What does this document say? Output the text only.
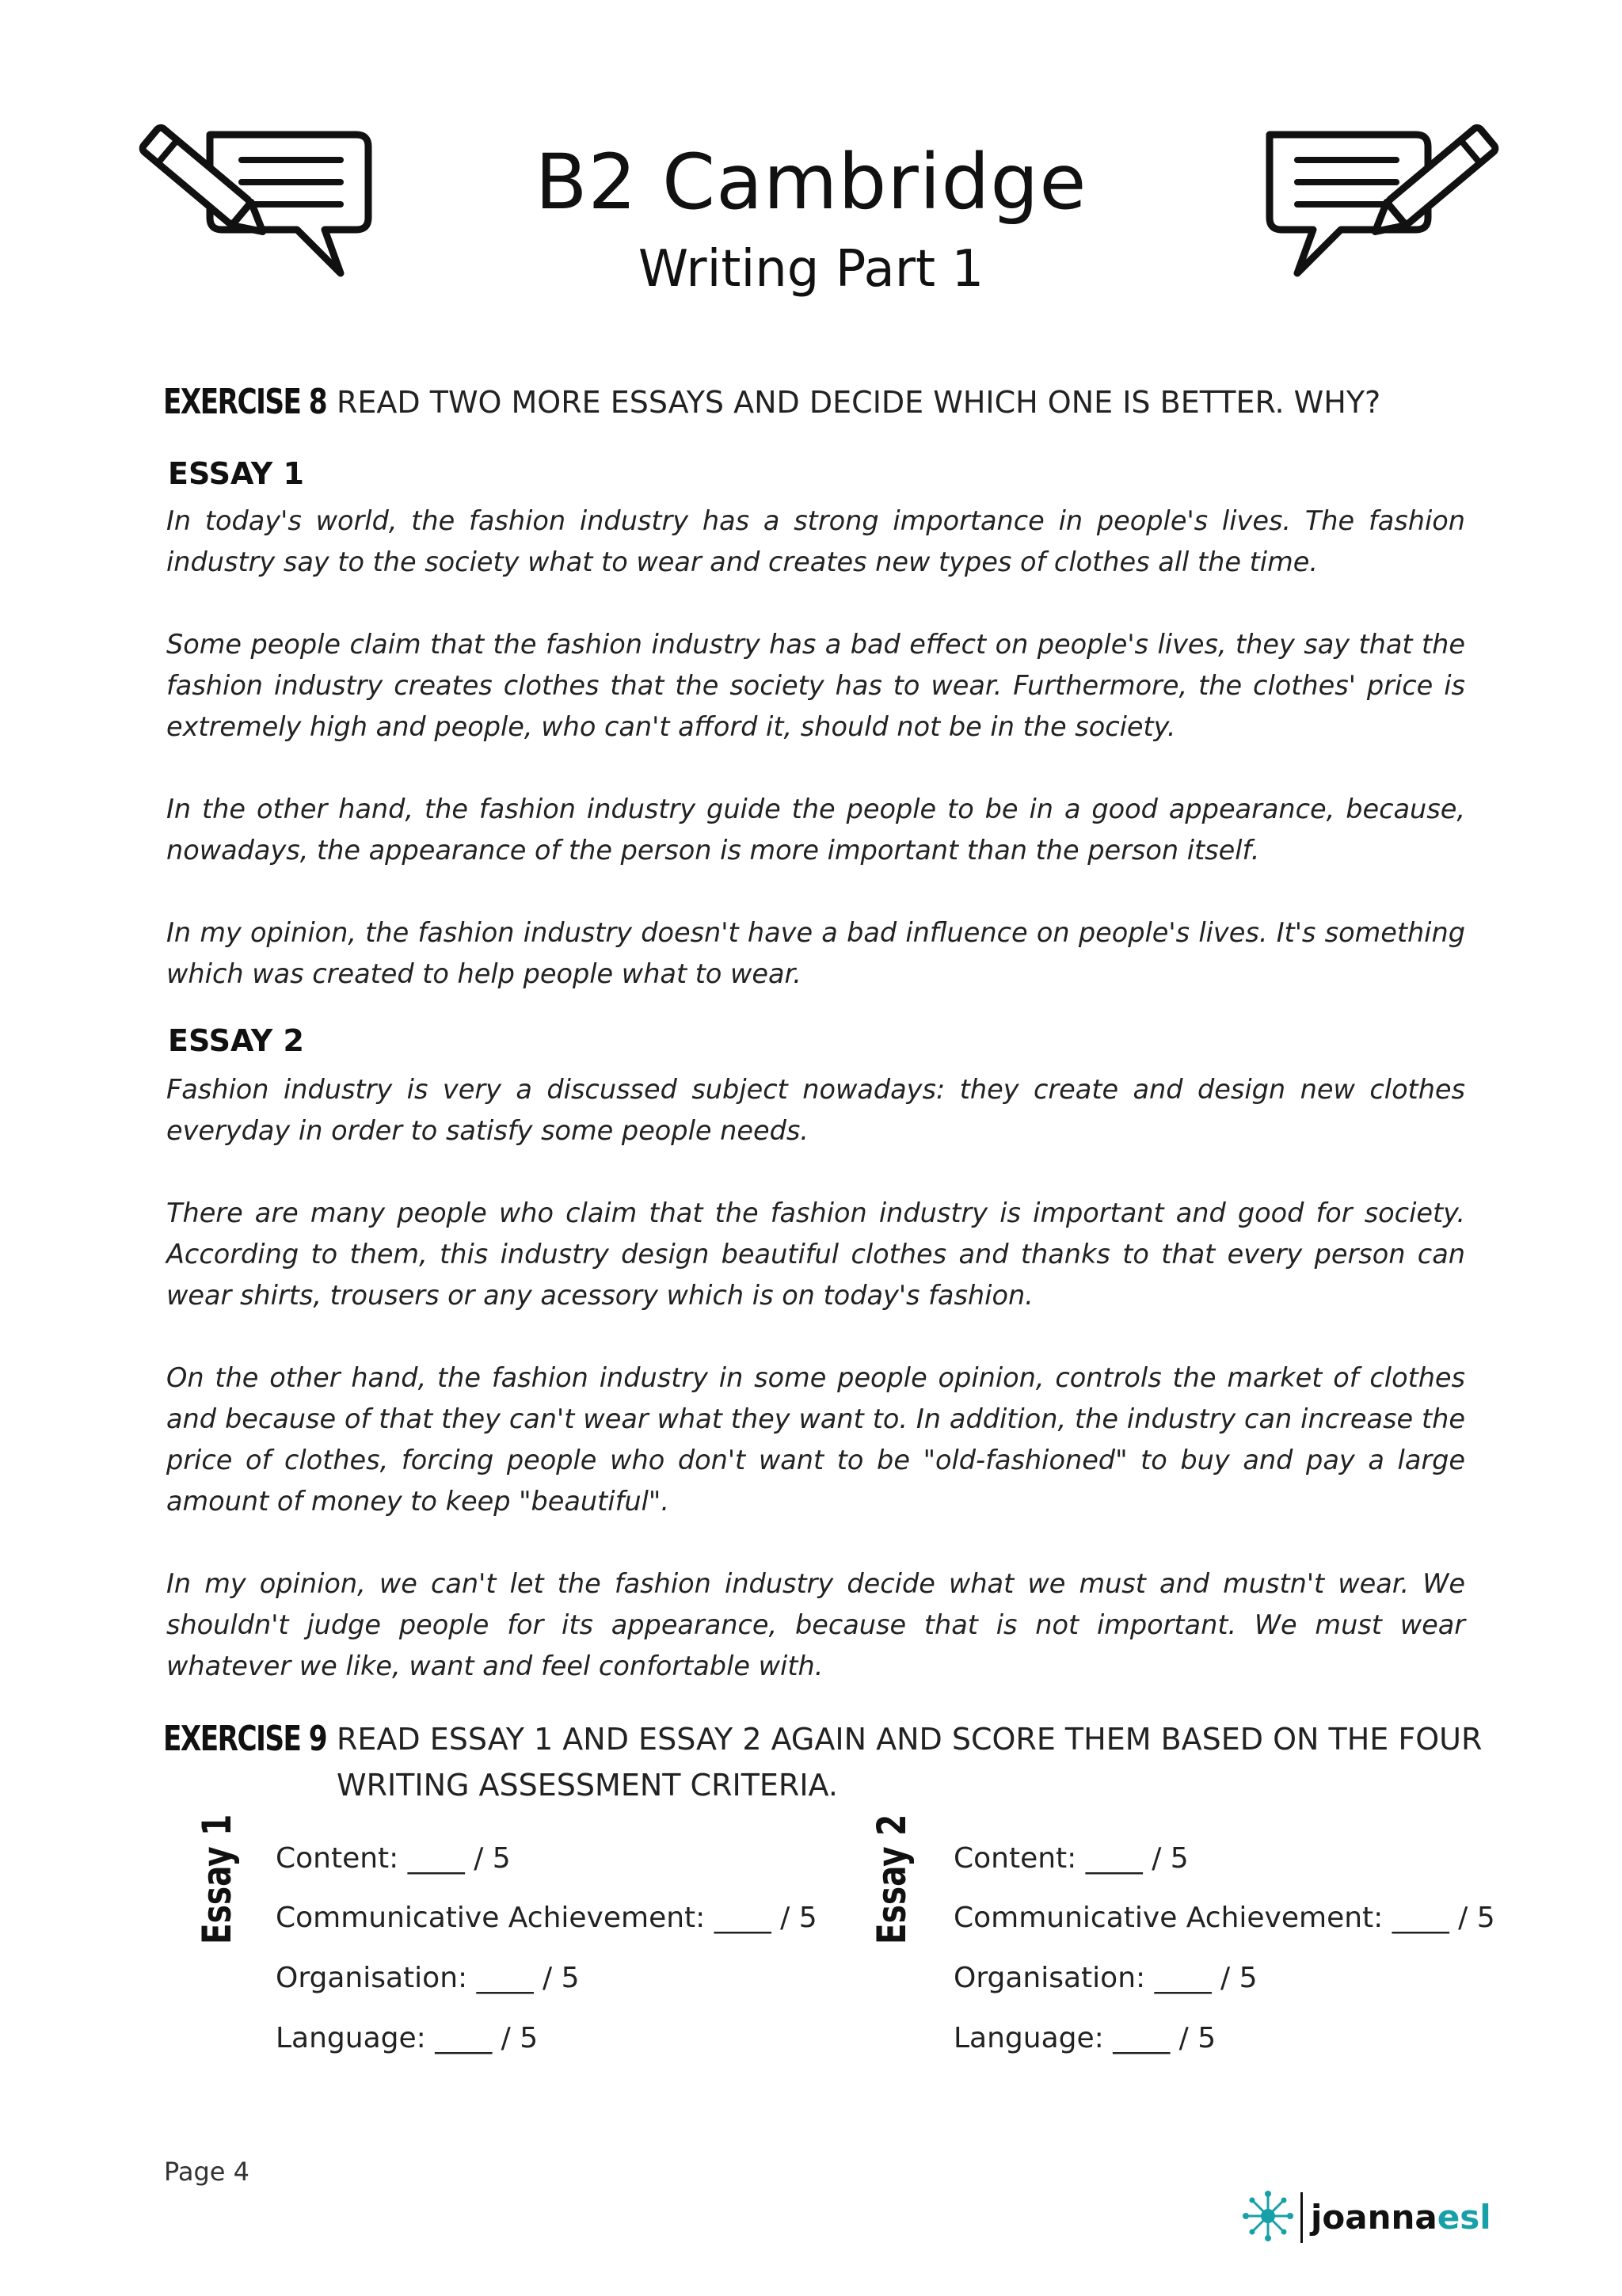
B2 Cambridge
Writing Part 1
EXERCISE 8 READ TWO MORE ESSAYS AND DECIDE WHICH ONE IS BETTER. WHY?
ESSAY 1
In today's world, the fashion industry has a strong importance in people's lives. The fashion industry say to the society what to wear and creates new types of clothes all the time.
Some people claim that the fashion industry has a bad effect on people's lives, they say that the fashion industry creates clothes that the society has to wear. Furthermore, the clothes' price is extremely high and people, who can't afford it, should not be in the society.
In the other hand, the fashion industry guide the people to be in a good appearance, because, nowadays, the appearance of the person is more important than the person itself.
In my opinion, the fashion industry doesn't have a bad influence on people's lives. It's something which was created to help people what to wear.
ESSAY 2
Fashion industry is very a discussed subject nowadays: they create and design new clothes everyday in order to satisfy some people needs.
There are many people who claim that the fashion industry is important and good for society. According to them, this industry design beautiful clothes and thanks to that every person can wear shirts, trousers or any acessory which is on today's fashion.
On the other hand, the fashion industry in some people opinion, controls the market of clothes and because of that they can't wear what they want to. In addition, the industry can increase the price of clothes, forcing people who don't want to be "old-fashioned" to buy and pay a large amount of money to keep "beautiful".
In my opinion, we can't let the fashion industry decide what we must and mustn't wear. We shouldn't judge people for its appearance, because that is not important. We must wear whatever we like, want and feel confortable with.
EXERCISE 9 READ ESSAY 1 AND ESSAY 2 AGAIN AND SCORE THEM BASED ON THE FOUR
WRITING ASSESSMENT CRITERIA.
Essay 1 Content: ____ / 5
Communicative Achievement: ____ / 5
Organisation: ____ / 5
Language: ____ / 5
Essay 2 Content: ____ / 5
Communicative Achievement: ____ / 5
Organisation: ____ / 5
Language: ____ / 5
Page 4
joannaesl
